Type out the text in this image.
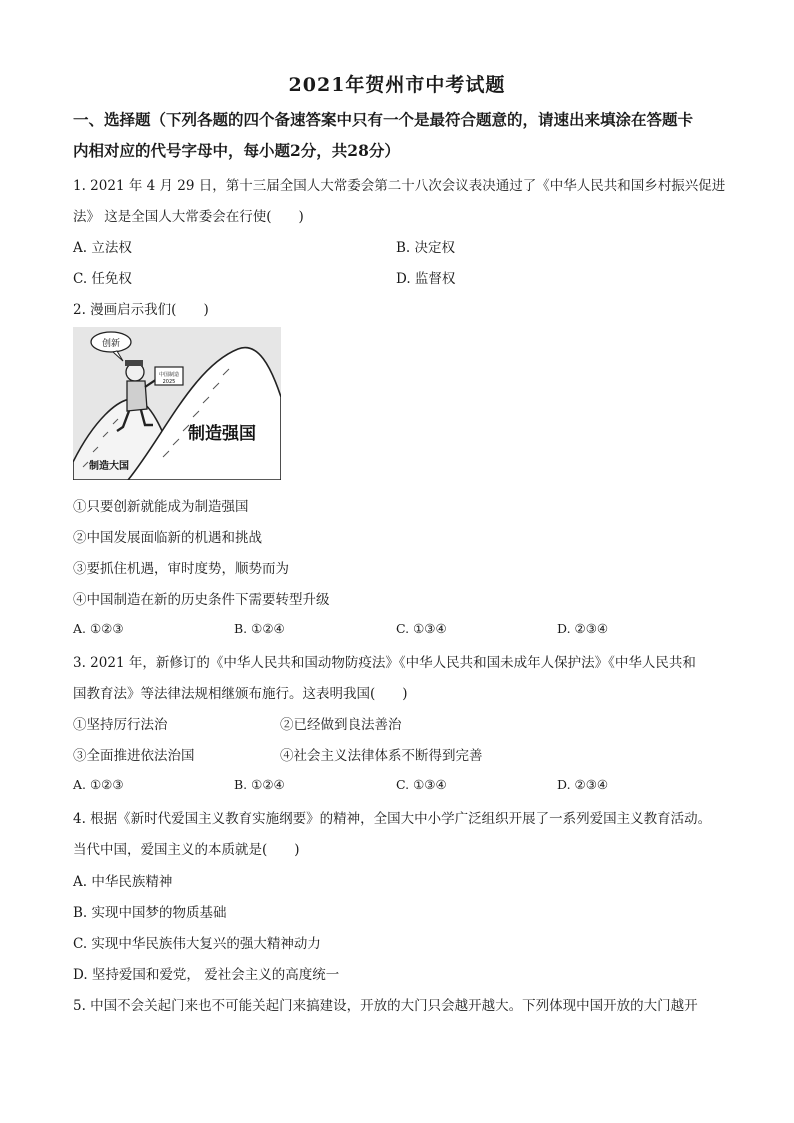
2021年贺州市中考试题
一、选择题（下列各题的四个备速答案中只有一个是最符合题意的，请速出来填涂在答题卡
内相对应的代号字母中，每小题2分，共28分）
1. 2021 年 4 月 29 日，第十三届全国人大常委会第二十八次会议表决通过了《中华人民共和国乡村振兴促进
法》 这是全国人大常委会在行使(　　)
A. 立法权	B. 决定权
C. 任免权	D. 监督权
2. 漫画启示我们(　　)
创新
中国制造
2025
制造强国
制造大国
①只要创新就能成为制造强国
②中国发展面临新的机遇和挑战
③要抓住机遇，审时度势，顺势而为
④中国制造在新的历史条件下需要转型升级
A. ①②③	B. ①②④	C. ①③④	D. ②③④
3. 2021 年，新修订的《中华人民共和国动物防疫法》《中华人民共和国未成年人保护法》《中华人民共和
国教育法》等法律法规相继颁布施行。这表明我国(　　)
①坚持厉行法治	②已经做到良法善治
③全面推进依法治国	④社会主义法律体系不断得到完善
A. ①②③	B. ①②④	C. ①③④	D. ②③④
4. 根据《新时代爱国主义教育实施纲要》的精神，全国大中小学广泛组织开展了一系列爱国主义教育活动。
当代中国，爱国主义的本质就是(　　)
A. 中华民族精神
B. 实现中国梦的物质基础
C. 实现中华民族伟大复兴的强大精神动力
D. 坚持爱国和爱党， 爱社会主义的高度统一
5. 中国不会关起门来也不可能关起门来搞建设，开放的大门只会越开越大。下列体现中国开放的大门越开
